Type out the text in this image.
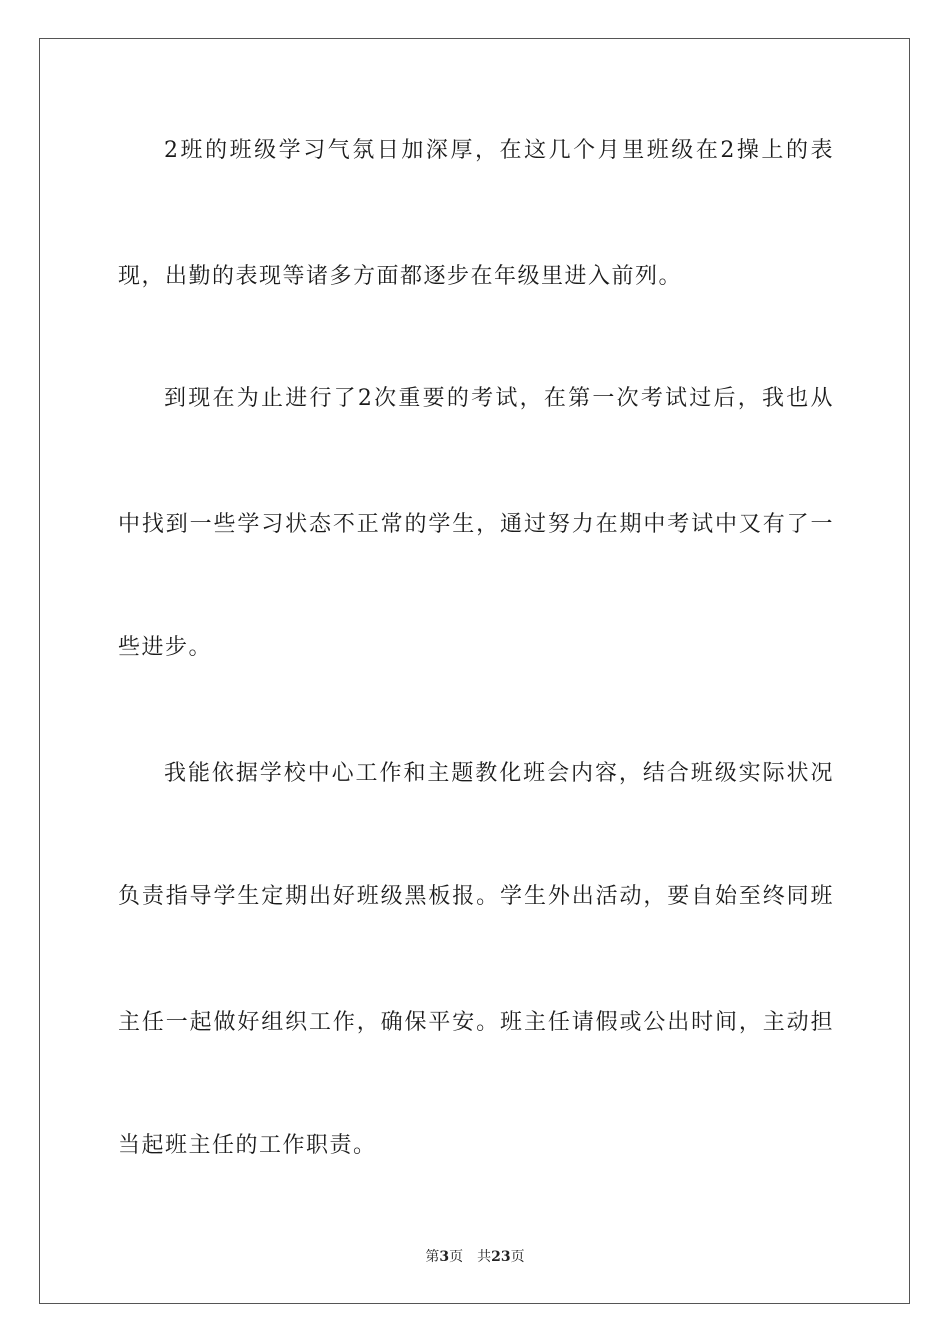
2班的班级学习气氛日加深厚，在这几个月里班级在2操上的表
现，出勤的表现等诸多方面都逐步在年级里进入前列。
到现在为止进行了2次重要的考试，在第一次考试过后，我也从
中找到一些学习状态不正常的学生，通过努力在期中考试中又有了一
些进步。
我能依据学校中心工作和主题教化班会内容，结合班级实际状况
负责指导学生定期出好班级黑板报。学生外出活动，要自始至终同班
主任一起做好组织工作，确保平安。班主任请假或公出时间，主动担
当起班主任的工作职责。
第3页 共23页
